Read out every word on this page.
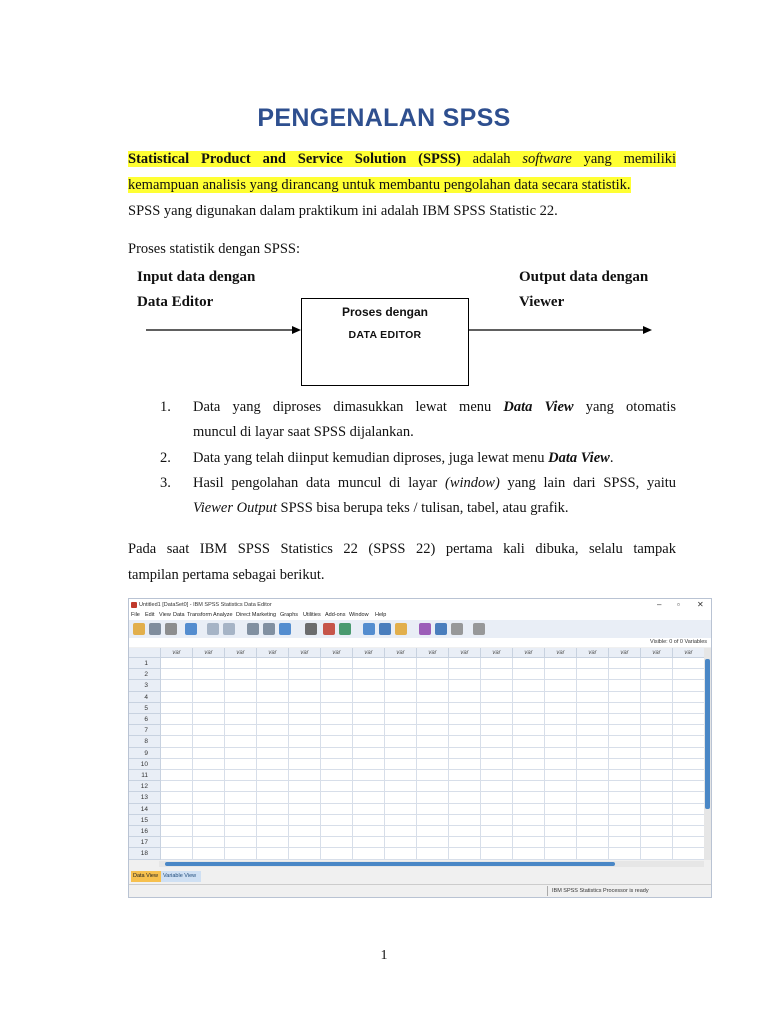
PENGENALAN SPSS
Statistical Product and Service Solution (SPSS) adalah software yang memiliki
kemampuan analisis yang dirancang untuk membantu pengolahan data secara statistik.
SPSS yang digunakan dalam praktikum ini adalah IBM SPSS Statistic 22.
Proses statistik dengan SPSS:
Input data dengan
Data Editor
Output data dengan
Viewer
Proses dengan
DATA EDITOR
1.	Data yang diproses dimasukkan lewat menu Data View yang otomatis
muncul di layar saat SPSS dijalankan.
2.	Data yang telah diinput kemudian diproses, juga lewat menu Data View.
3.	Hasil pengolahan data muncul di layar (window) yang lain dari SPSS, yaitu
Viewer Output SPSS bisa berupa teks / tulisan, tabel, atau grafik.
Pada saat IBM SPSS Statistics 22 (SPSS 22) pertama kali dibuka, selalu tampak
tampilan pertama sebagai berikut.
Untitled1 [DataSet0] - IBM SPSS Statistics Data Editor	– ▫ ✕
File Edit View Data Transform Analyze Direct Marketing Graphs Utilities Add-ons Window Help
Visible: 0 of 0 Variables
var	var	var	var	var	var	var	var	var	var	var	var	var	var	var	var	var
1
2
3
4
5
6
7
8
9
10
11
12
13
14
15
16
17
18
Data View Variable View
IBM SPSS Statistics Processor is ready
1
